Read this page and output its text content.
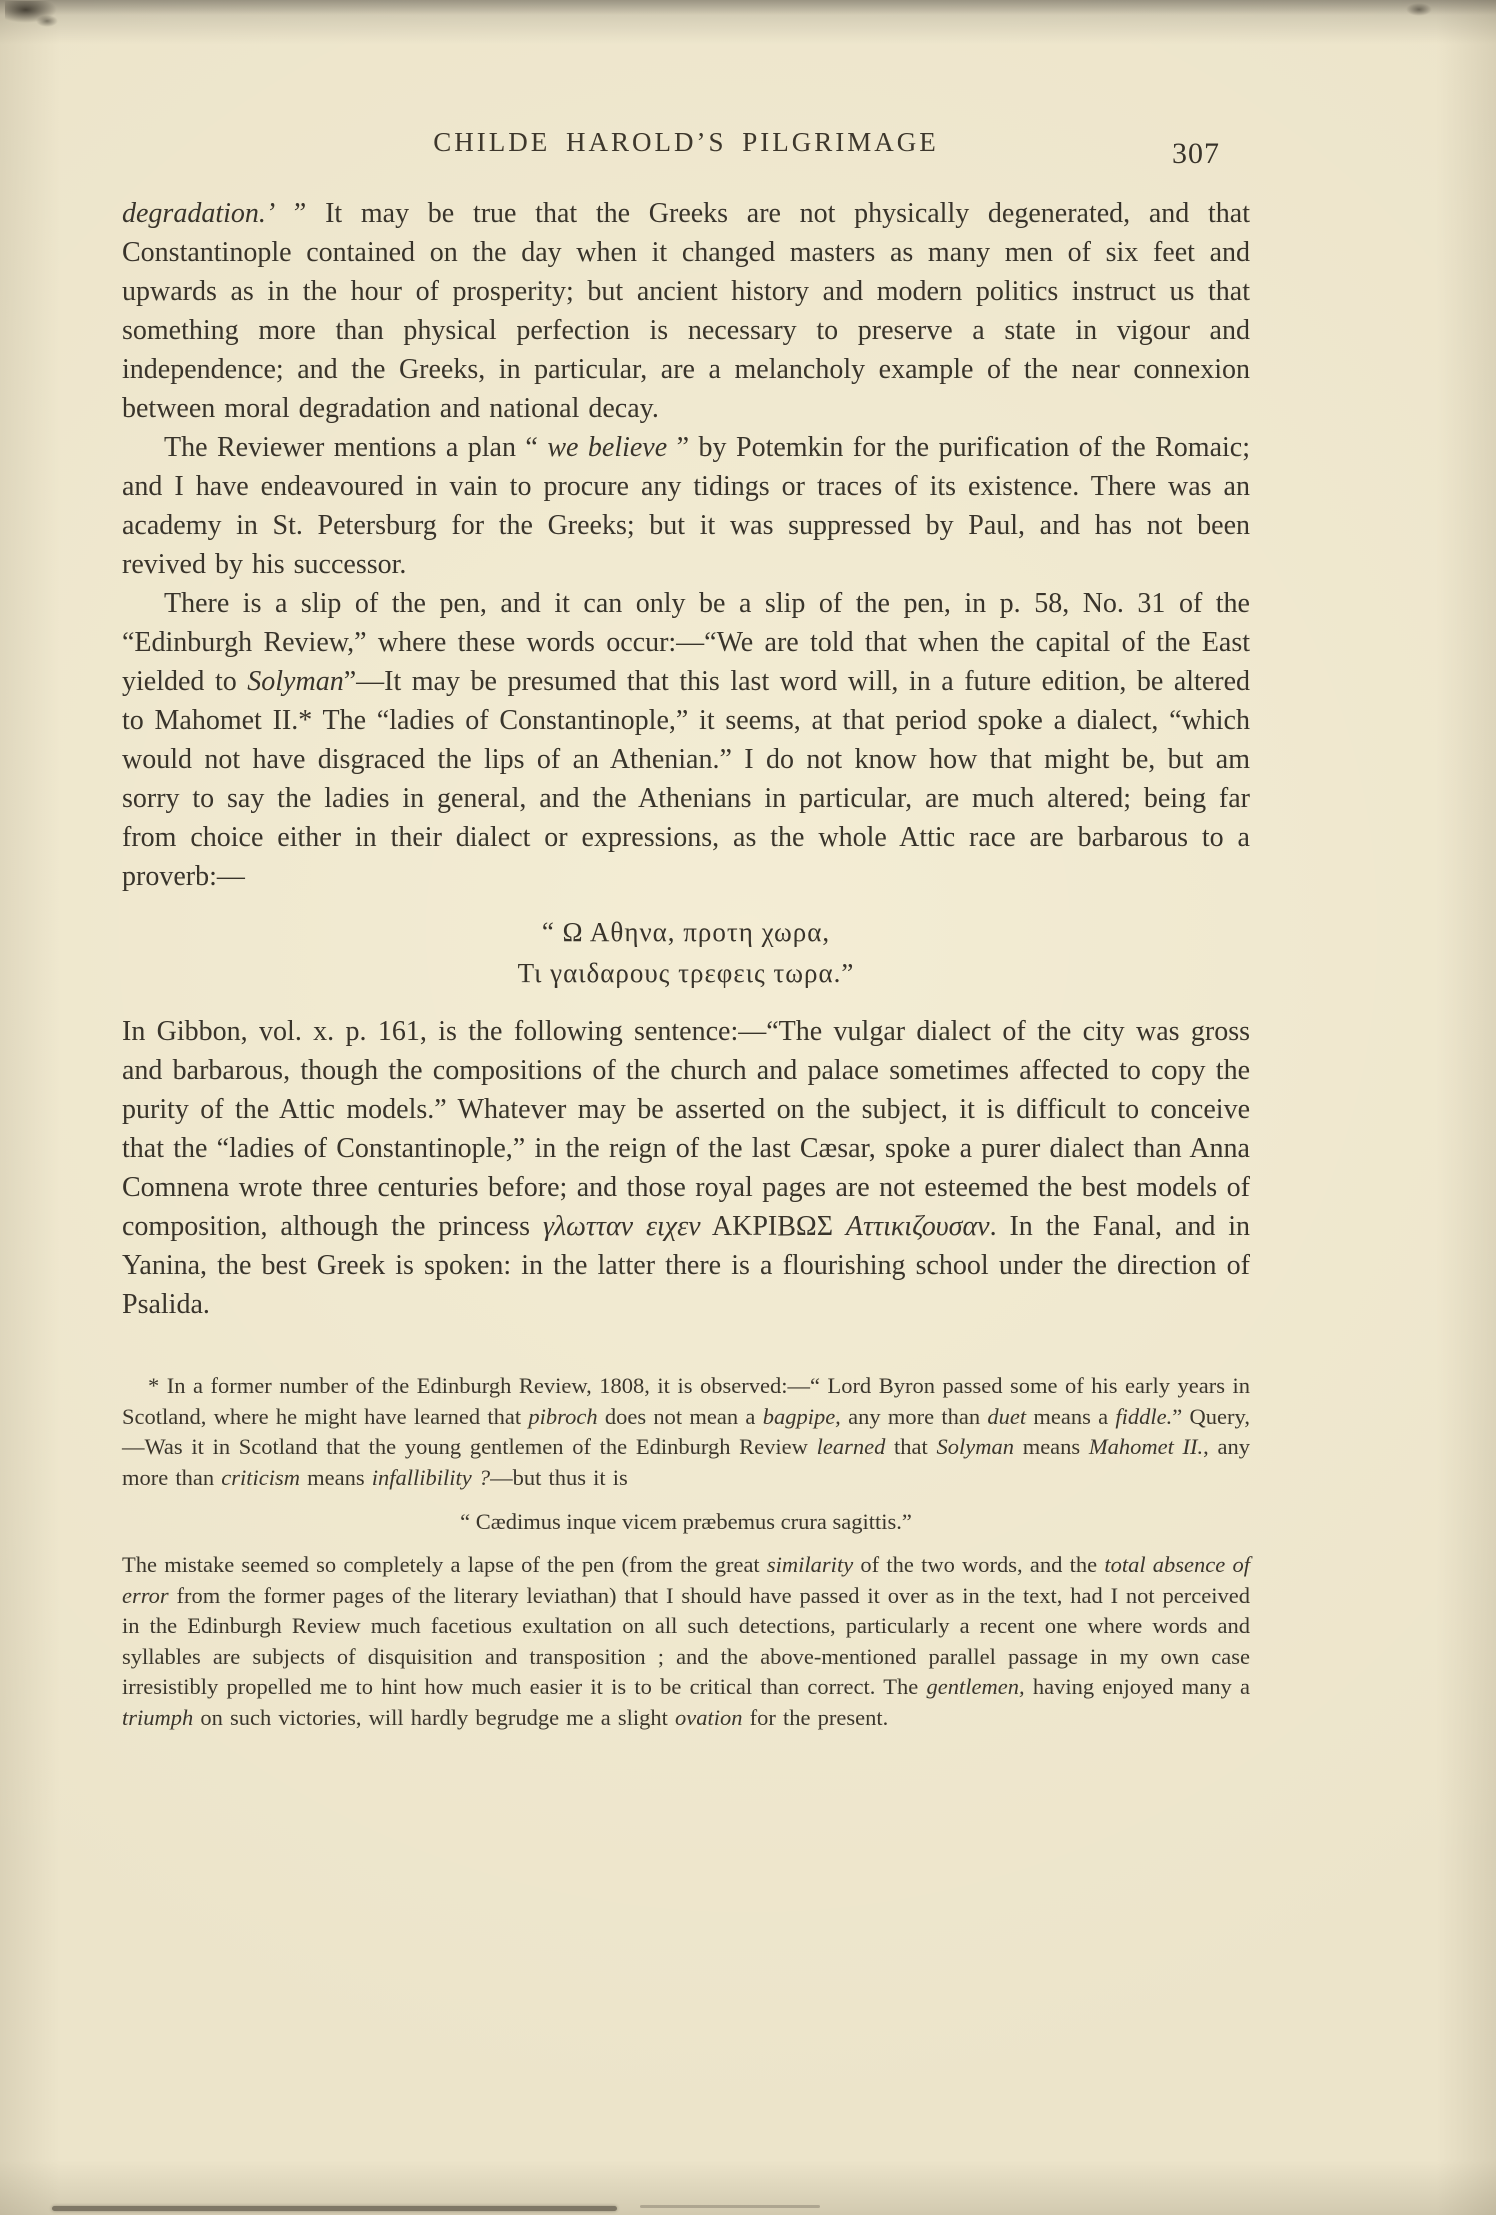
CHILDE HAROLD’S PILGRIMAGE	307

degradation.’ ” It may be true that the Greeks are not physically degenerated, and that Constantinople contained on the day when it changed masters as many men of six feet and upwards as in the hour of prosperity; but ancient history and modern politics instruct us that something more than physical perfection is necessary to preserve a state in vigour and independence; and the Greeks, in particular, are a melancholy example of the near connexion between moral degradation and national decay.

The Reviewer mentions a plan “ we believe ” by Potemkin for the purification of the Romaic; and I have endeavoured in vain to procure any tidings or traces of its existence. There was an academy in St. Petersburg for the Greeks; but it was suppressed by Paul, and has not been revived by his successor.

There is a slip of the pen, and it can only be a slip of the pen, in p. 58, No. 31 of the “Edinburgh Review,” where these words occur:—“We are told that when the capital of the East yielded to Solyman”—It may be presumed that this last word will, in a future edition, be altered to Mahomet II.* The “ladies of Constantinople,” it seems, at that period spoke a dialect, “which would not have disgraced the lips of an Athenian.” I do not know how that might be, but am sorry to say the ladies in general, and the Athenians in particular, are much altered; being far from choice either in their dialect or expressions, as the whole Attic race are barbarous to a proverb:—

“ Ω Αθηνα, προτη χωρα,
Τι γαιδαρους τρεφεις τωρα.”

In Gibbon, vol. x. p. 161, is the following sentence:—“The vulgar dialect of the city was gross and barbarous, though the compositions of the church and palace sometimes affected to copy the purity of the Attic models.” Whatever may be asserted on the subject, it is difficult to conceive that the “ladies of Constantinople,” in the reign of the last Cæsar, spoke a purer dialect than Anna Comnena wrote three centuries before; and those royal pages are not esteemed the best models of composition, although the princess γλωτταν ειχεν ΑΚΡΙΒΩΣ Αττικιζουσαν. In the Fanal, and in Yanina, the best Greek is spoken: in the latter there is a flourishing school under the direction of Psalida.

* In a former number of the Edinburgh Review, 1808, it is observed:—“ Lord Byron passed some of his early years in Scotland, where he might have learned that pibroch does not mean a bagpipe, any more than duet means a fiddle.” Query,—Was it in Scotland that the young gentlemen of the Edinburgh Review learned that Solyman means Mahomet II., any more than criticism means infallibility ?—but thus it is

“ Cædimus inque vicem præbemus crura sagittis.”

The mistake seemed so completely a lapse of the pen (from the great similarity of the two words, and the total absence of error from the former pages of the literary leviathan) that I should have passed it over as in the text, had I not perceived in the Edinburgh Review much facetious exultation on all such detections, particularly a recent one where words and syllables are subjects of disquisition and transposition ; and the above-mentioned parallel passage in my own case irresistibly propelled me to hint how much easier it is to be critical than correct. The gentlemen, having enjoyed many a triumph on such victories, will hardly begrudge me a slight ovation for the present.
